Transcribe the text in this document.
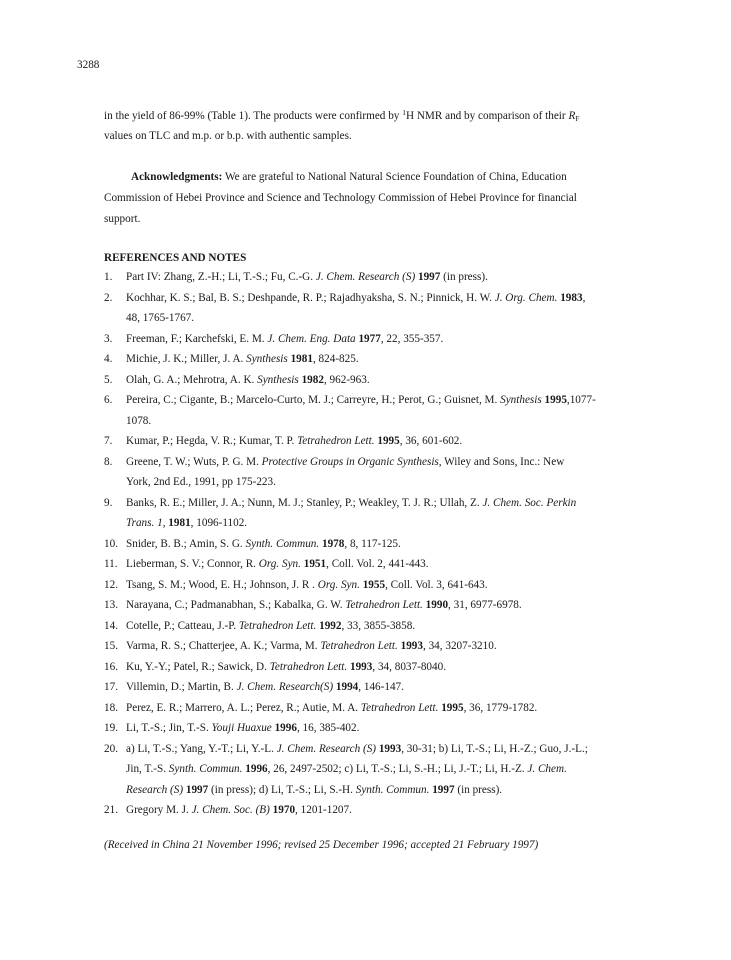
3288
in the yield of 86-99% (Table 1). The products were confirmed by $^1$H NMR and by comparison of their $R_F$
values on TLC and m.p. or b.p. with authentic samples.
Acknowledgments: We are grateful to National Natural Science Foundation of China, Education
Commission of Hebei Province and Science and Technology Commission of Hebei Province for financial
support.
REFERENCES AND NOTES
1. Part IV: Zhang, Z.-H.; Li, T.-S.; Fu, C.-G. J. Chem. Research (S) 1997 (in press).
2. Kochhar, K. S.; Bal, B. S.; Deshpande, R. P.; Rajadhyaksha, S. N.; Pinnick, H. W. J. Org. Chem. 1983,
48, 1765-1767.
3. Freeman, F.; Karchefski, E. M. J. Chem. Eng. Data 1977, 22, 355-357.
4. Michie, J. K.; Miller, J. A. Synthesis 1981, 824-825.
5. Olah, G. A.; Mehrotra, A. K. Synthesis 1982, 962-963.
6. Pereira, C.; Cigante, B.; Marcelo-Curto, M. J.; Carreyre, H.; Perot, G.; Guisnet, M. Synthesis 1995,1077-
1078.
7. Kumar, P.; Hegda, V. R.; Kumar, T. P. Tetrahedron Lett. 1995, 36, 601-602.
8. Greene, T. W.; Wuts, P. G. M. Protective Groups in Organic Synthesis, Wiley and Sons, Inc.: New
York, 2nd Ed., 1991, pp 175-223.
9. Banks, R. E.; Miller, J. A.; Nunn, M. J.; Stanley, P.; Weakley, T. J. R.; Ullah, Z. J. Chem. Soc. Perkin
Trans. 1, 1981, 1096-1102.
10. Snider, B. B.; Amin, S. G. Synth. Commun. 1978, 8, 117-125.
11. Lieberman, S. V.; Connor, R. Org. Syn. 1951, Coll. Vol. 2, 441-443.
12. Tsang, S. M.; Wood, E. H.; Johnson, J. R . Org. Syn. 1955, Coll. Vol. 3, 641-643.
13. Narayana, C.; Padmanabhan, S.; Kabalka, G. W. Tetrahedron Lett. 1990, 31, 6977-6978.
14. Cotelle, P.; Catteau, J.-P. Tetrahedron Lett. 1992, 33, 3855-3858.
15. Varma, R. S.; Chatterjee, A. K.; Varma, M. Tetrahedron Lett. 1993, 34, 3207-3210.
16. Ku, Y.-Y.; Patel, R.; Sawick, D. Tetrahedron Lett. 1993, 34, 8037-8040.
17. Villemin, D.; Martin, B. J. Chem. Research(S) 1994, 146-147.
18. Perez, E. R.; Marrero, A. L.; Perez, R.; Autie, M. A. Tetrahedron Lett. 1995, 36, 1779-1782.
19. Li, T.-S.; Jin, T.-S. Youji Huaxue 1996, 16, 385-402.
20. a) Li, T.-S.; Yang, Y.-T.; Li, Y.-L. J. Chem. Research (S) 1993, 30-31; b) Li, T.-S.; Li, H.-Z.; Guo, J.-L.;
Jin, T.-S. Synth. Commun. 1996, 26, 2497-2502; c) Li, T.-S.; Li, S.-H.; Li, J.-T.; Li, H.-Z. J. Chem.
Research (S) 1997 (in press); d) Li, T.-S.; Li, S.-H. Synth. Commun. 1997 (in press).
21. Gregory M. J. J. Chem. Soc. (B) 1970, 1201-1207.
(Received in China 21 November 1996; revised 25 December 1996; accepted 21 February 1997)
